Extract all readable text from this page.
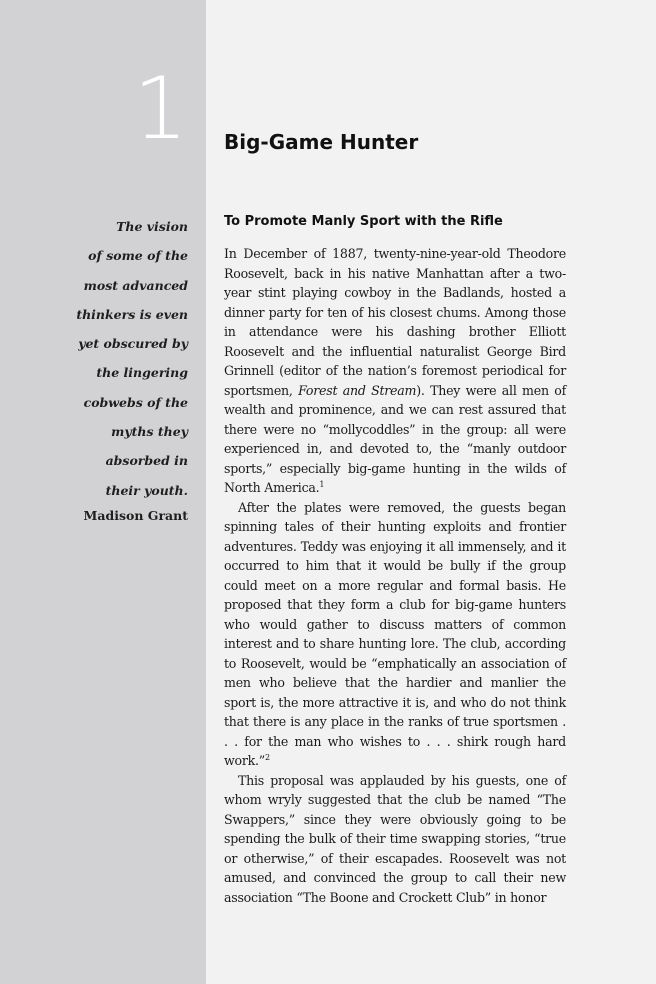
1
The vision
of some of the
most advanced
thinkers is even
yet obscured by
the lingering
cobwebs of the
myths they
absorbed in
their youth.
Madison Grant
Big-Game Hunter
To Promote Manly Sport with the Rifle

In December of 1887, twenty-nine-year-old Theodore Roosevelt, back in his native Manhattan after a two-year stint playing cowboy in the Badlands, hosted a dinner party for ten of his closest chums. Among those in attendance were his dashing brother Elliott Roosevelt and the influential naturalist George Bird Grinnell (editor of the nation’s foremost periodical for sportsmen, Forest and Stream). They were all men of wealth and prominence, and we can rest assured that there were no “mollycoddles” in the group: all were experienced in, and devoted to, the “manly outdoor sports,” especially big-game hunting in the wilds of North America.$^1$

After the plates were removed, the guests began spinning tales of their hunting exploits and frontier adventures. Teddy was enjoying it all immensely, and it occurred to him that it would be bully if the group could meet on a more regular and formal basis. He proposed that they form a club for big-game hunters who would gather to discuss matters of common interest and to share hunting lore. The club, according to Roosevelt, would be “emphatically an association of men who believe that the hardier and manlier the sport is, the more attractive it is, and who do not think that there is any place in the ranks of true sportsmen . . . for the man who wishes to . . . shirk rough hard work.”$^2$

This proposal was applauded by his guests, one of whom wryly suggested that the club be named “The Swappers,” since they were obviously going to be spending the bulk of their time swapping stories, “true or otherwise,” of their escapades. Roosevelt was not amused, and convinced the group to call their new association “The Boone and Crockett Club” in honor
